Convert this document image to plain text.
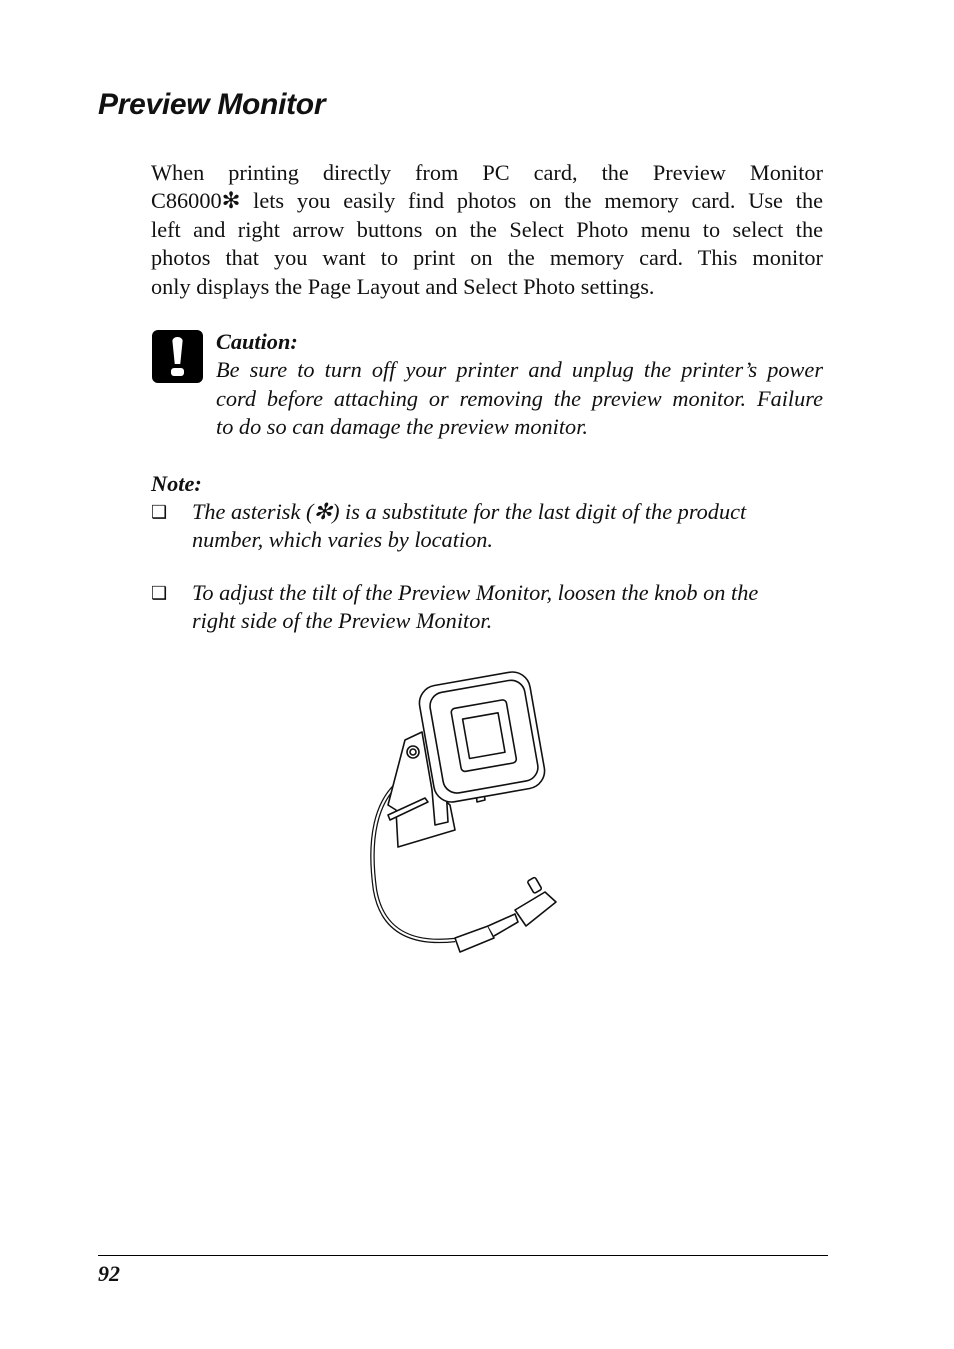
Preview Monitor
When printing directly from PC card, the Preview Monitor
C86000✻ lets you easily find photos on the memory card. Use the
left and right arrow buttons on the Select Photo menu to select the
photos that you want to print on the memory card. This monitor
only displays the Page Layout and Select Photo settings.
Caution:
Be sure to turn off your printer and unplug the printer’s power
cord before attaching or removing the preview monitor. Failure
to do so can damage the preview monitor.
Note:
❑ The asterisk (✻) is a substitute for the last digit of the product
number, which varies by location.
❑ To adjust the tilt of the Preview Monitor, loosen the knob on the
right side of the Preview Monitor.
92
